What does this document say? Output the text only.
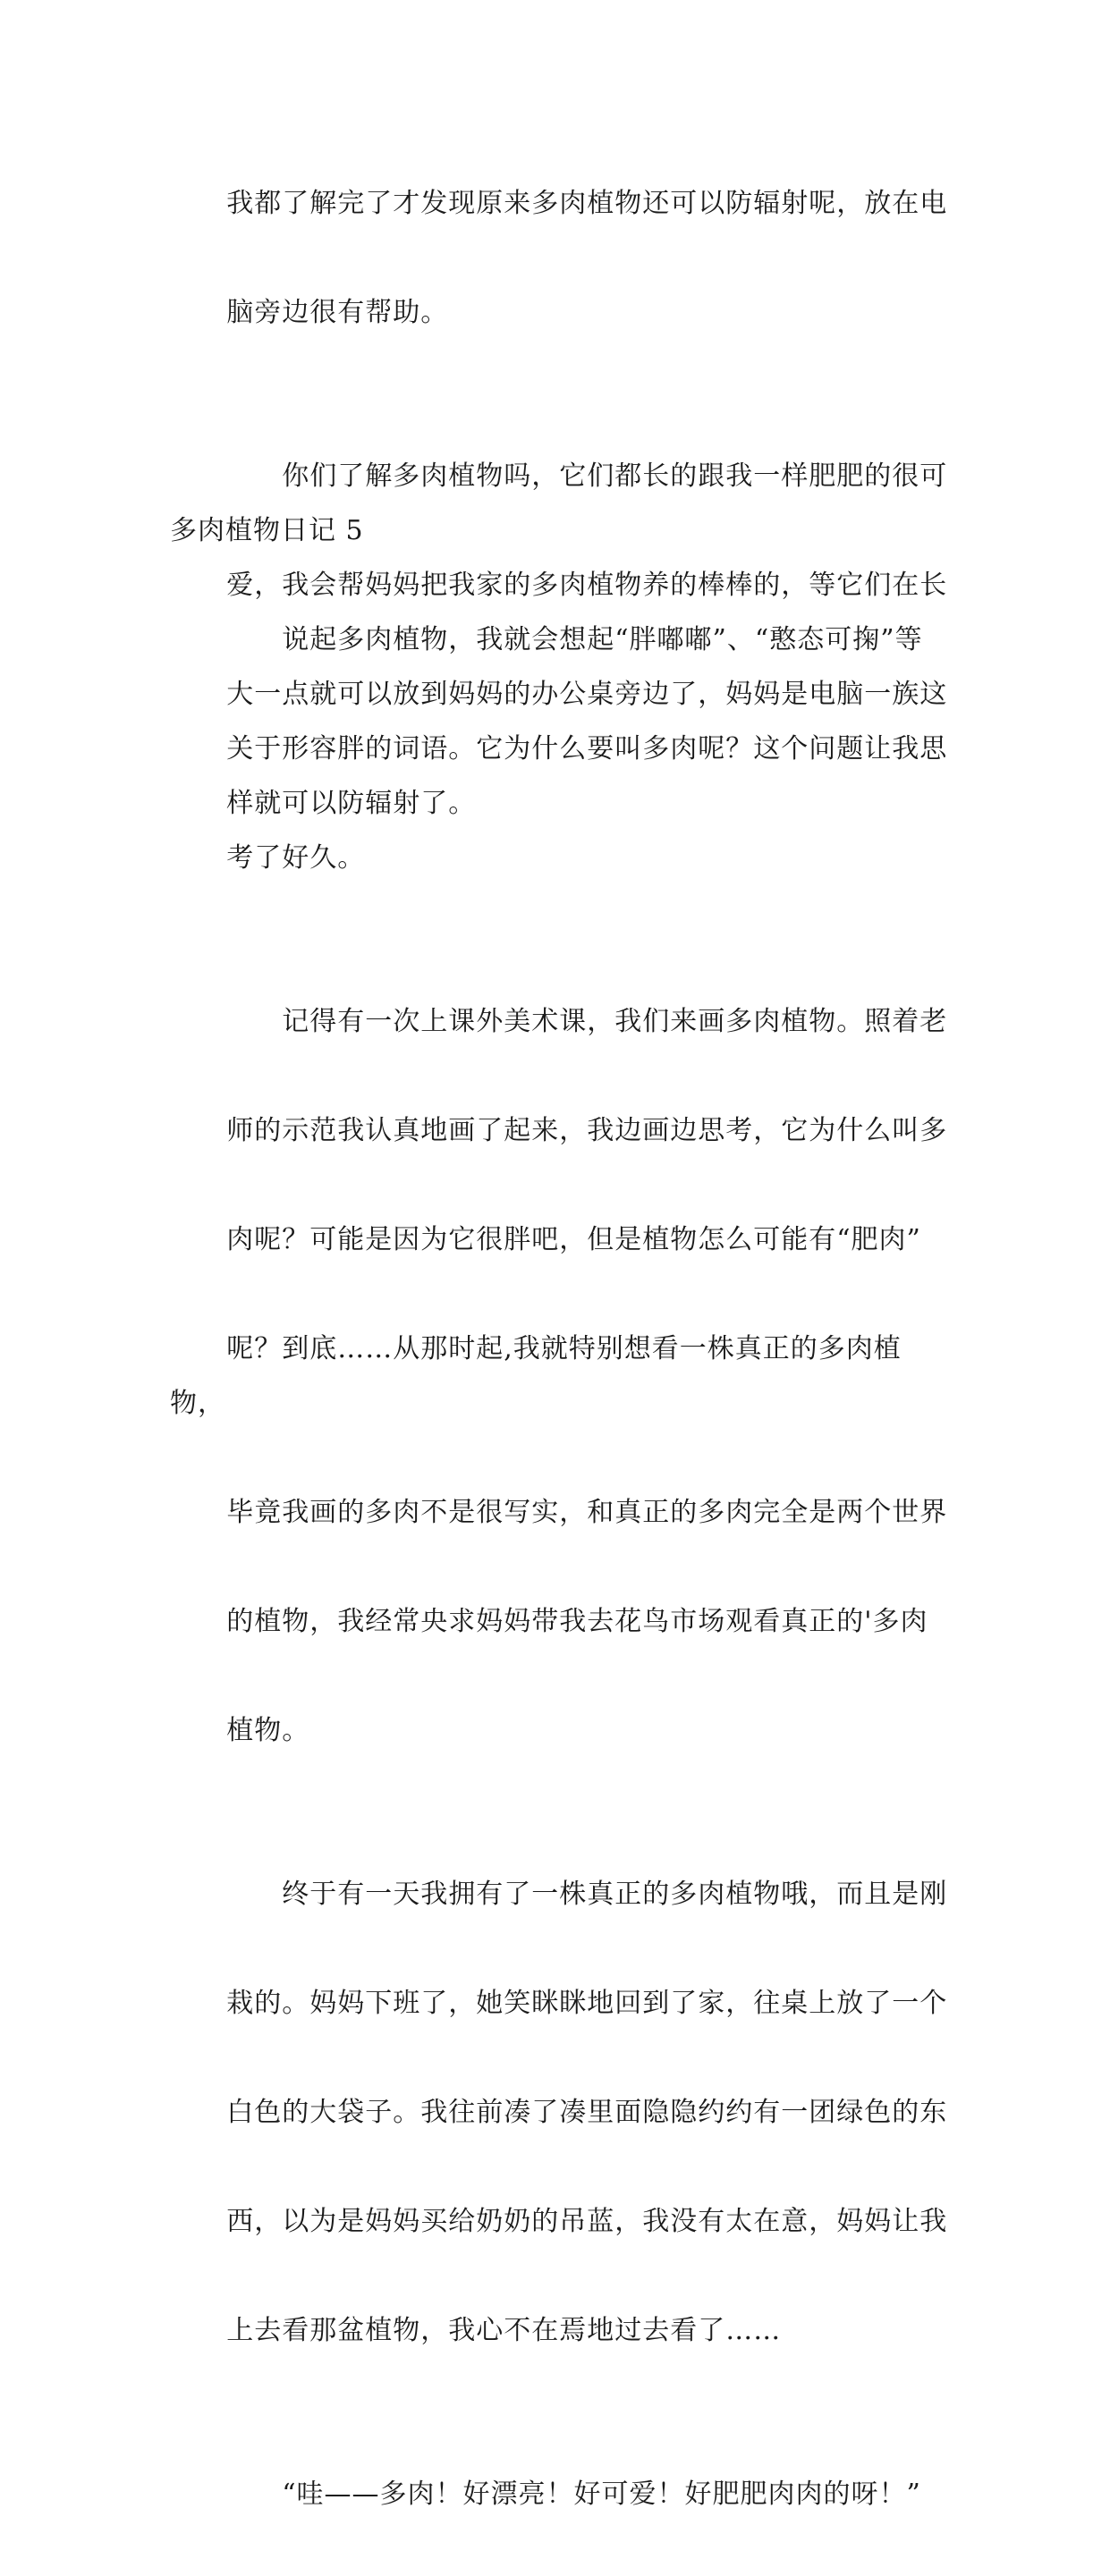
我都了解完了才发现原来多肉植物还可以防辐射呢，放在电

脑旁边很有帮助。

　　你们了解多肉植物吗，它们都长的跟我一样肥肥的很可

爱，我会帮妈妈把我家的多肉植物养的棒棒的，等它们在长

大一点就可以放到妈妈的办公桌旁边了，妈妈是电脑一族这

样就可以防辐射了。

多肉植物日记 5

　　说起多肉植物，我就会想起“胖嘟嘟”、“憨态可掬”等

关于形容胖的词语。它为什么要叫多肉呢？这个问题让我思

考了好久。

　　记得有一次上课外美术课，我们来画多肉植物。照着老

师的示范我认真地画了起来，我边画边思考，它为什么叫多

肉呢？可能是因为它很胖吧，但是植物怎么可能有“肥肉”

呢？到底……从那时起,我就特别想看一株真正的多肉植物，

毕竟我画的多肉不是很写实，和真正的多肉完全是两个世界

的植物，我经常央求妈妈带我去花鸟市场观看真正的'多肉

植物。

　　终于有一天我拥有了一株真正的多肉植物哦，而且是刚

栽的。妈妈下班了，她笑眯眯地回到了家，往桌上放了一个

白色的大袋子。我往前凑了凑里面隐隐约约有一团绿色的东

西，以为是妈妈买给奶奶的吊蓝，我没有太在意，妈妈让我

上去看那盆植物，我心不在焉地过去看了……

　　“哇——多肉！好漂亮！好可爱！好肥肥肉肉的呀！”
